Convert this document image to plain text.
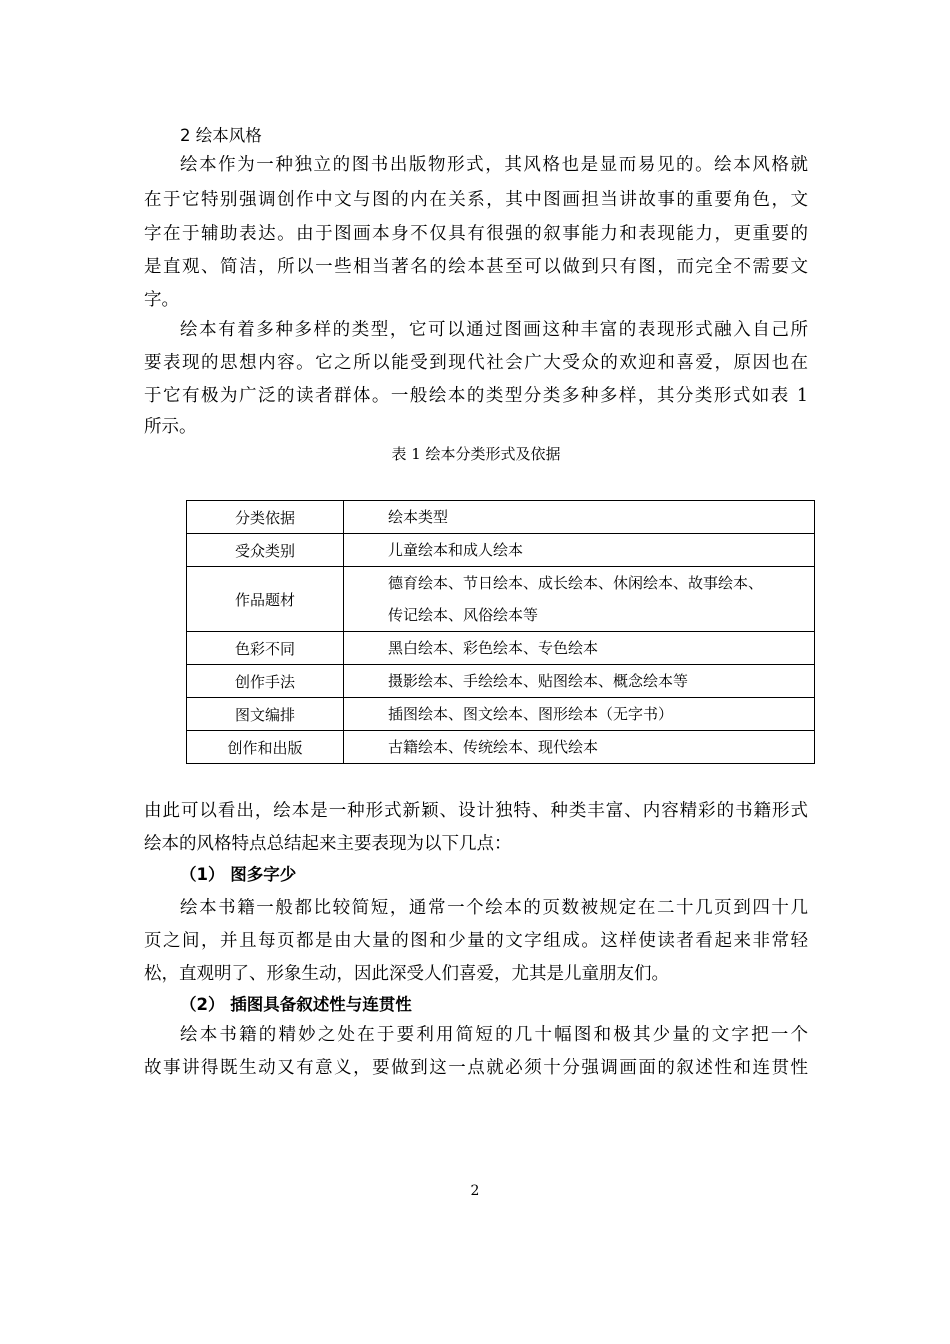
2 绘本风格
绘本作为一种独立的图书出版物形式，其风格也是显而易见的。绘本风格就
在于它特别强调创作中文与图的内在关系，其中图画担当讲故事的重要角色，文
字在于辅助表达。由于图画本身不仅具有很强的叙事能力和表现能力，更重要的
是直观、简洁，所以一些相当著名的绘本甚至可以做到只有图，而完全不需要文
字。
绘本有着多种多样的类型，它可以通过图画这种丰富的表现形式融入自己所
要表现的思想内容。它之所以能受到现代社会广大受众的欢迎和喜爱，原因也在
于它有极为广泛的读者群体。一般绘本的类型分类多种多样，其分类形式如表 1
所示。
表 1 绘本分类形式及依据
分类依据	绘本类型
受众类别	儿童绘本和成人绘本
作品题材	德育绘本、节日绘本、成长绘本、休闲绘本、故事绘本、
传记绘本、风俗绘本等

色彩不同	黑白绘本、彩色绘本、专色绘本
创作手法	摄影绘本、手绘绘本、贴图绘本、概念绘本等
图文编排	插图绘本、图文绘本、图形绘本（无字书）
创作和出版	古籍绘本、传统绘本、现代绘本
由此可以看出，绘本是一种形式新颖、设计独特、种类丰富、内容精彩的书籍形式
绘本的风格特点总结起来主要表现为以下几点：
（1） 图多字少
绘本书籍一般都比较简短，通常一个绘本的页数被规定在二十几页到四十几
页之间，并且每页都是由大量的图和少量的文字组成。这样使读者看起来非常轻
松，直观明了、形象生动，因此深受人们喜爱，尤其是儿童朋友们。
（2） 插图具备叙述性与连贯性
绘本书籍的精妙之处在于要利用简短的几十幅图和极其少量的文字把一个
故事讲得既生动又有意义，要做到这一点就必须十分强调画面的叙述性和连贯性
2
